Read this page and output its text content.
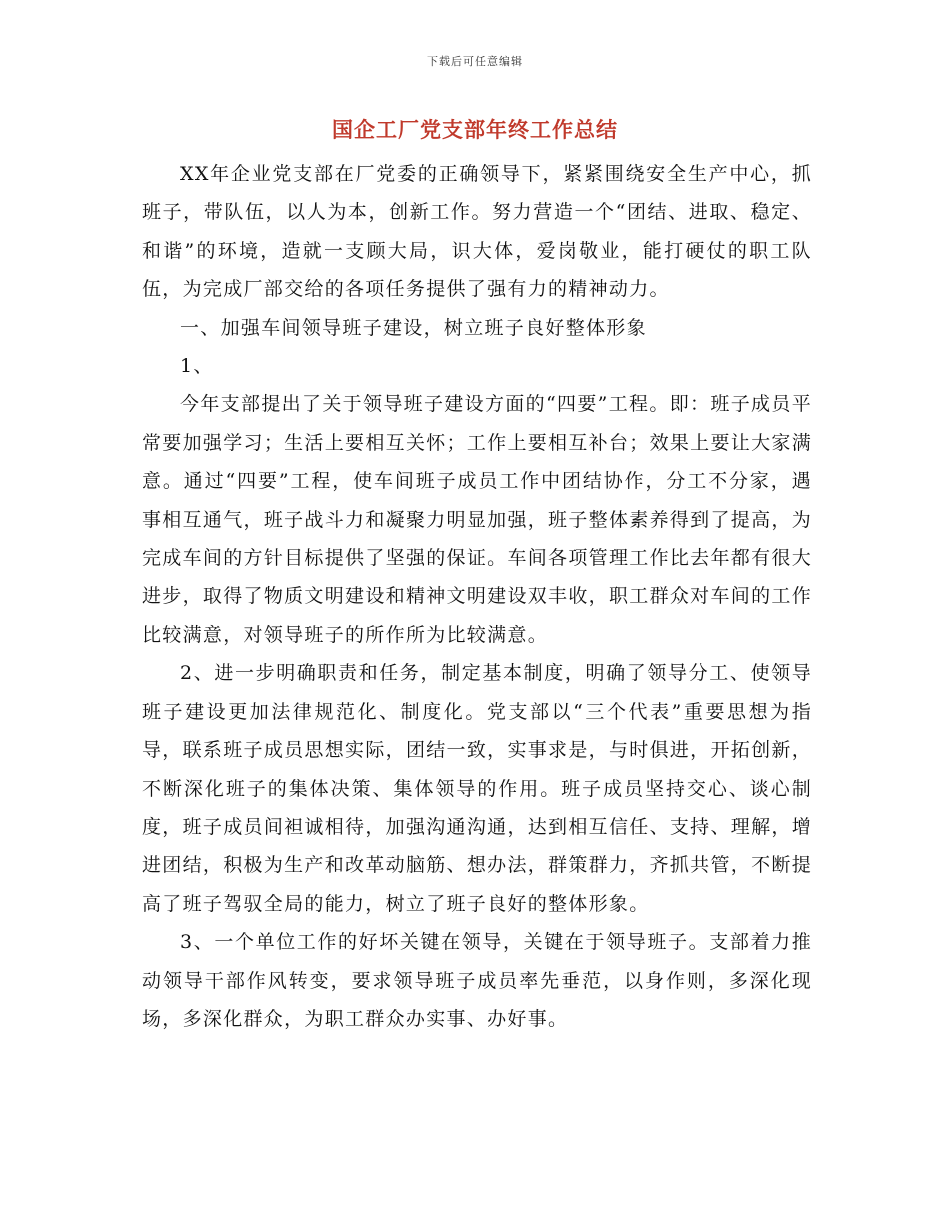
下载后可任意编辑
国企工厂党支部年终工作总结

XX年企业党支部在厂党委的正确领导下，紧紧围绕安全生产中心，抓班子，带队伍，以人为本，创新工作。努力营造一个“团结、进取、稳定、和谐”的环境，造就一支顾大局，识大体，爱岗敬业，能打硬仗的职工队伍，为完成厂部交给的各项任务提供了强有力的精神动力。

一、加强车间领导班子建设，树立班子良好整体形象

1、

今年支部提出了关于领导班子建设方面的“四要”工程。即：班子成员平常要加强学习；生活上要相互关怀；工作上要相互补台；效果上要让大家满意。通过“四要”工程，使车间班子成员工作中团结协作，分工不分家，遇事相互通气，班子战斗力和凝聚力明显加强，班子整体素养得到了提高，为完成车间的方针目标提供了坚强的保证。车间各项管理工作比去年都有很大进步，取得了物质文明建设和精神文明建设双丰收，职工群众对车间的工作比较满意，对领导班子的所作所为比较满意。

2、进一步明确职责和任务，制定基本制度，明确了领导分工、使领导班子建设更加法律规范化、制度化。党支部以“三个代表”重要思想为指导，联系班子成员思想实际，团结一致，实事求是，与时俱进，开拓创新，不断深化班子的集体决策、集体领导的作用。班子成员坚持交心、谈心制度，班子成员间袒诚相待，加强沟通沟通，达到相互信任、支持、理解，增进团结，积极为生产和改革动脑筋、想办法，群策群力，齐抓共管，不断提高了班子驾驭全局的能力，树立了班子良好的整体形象。

3、一个单位工作的好坏关键在领导，关键在于领导班子。支部着力推动领导干部作风转变，要求领导班子成员率先垂范，以身作则，多深化现场，多深化群众，为职工群众办实事、办好事。
